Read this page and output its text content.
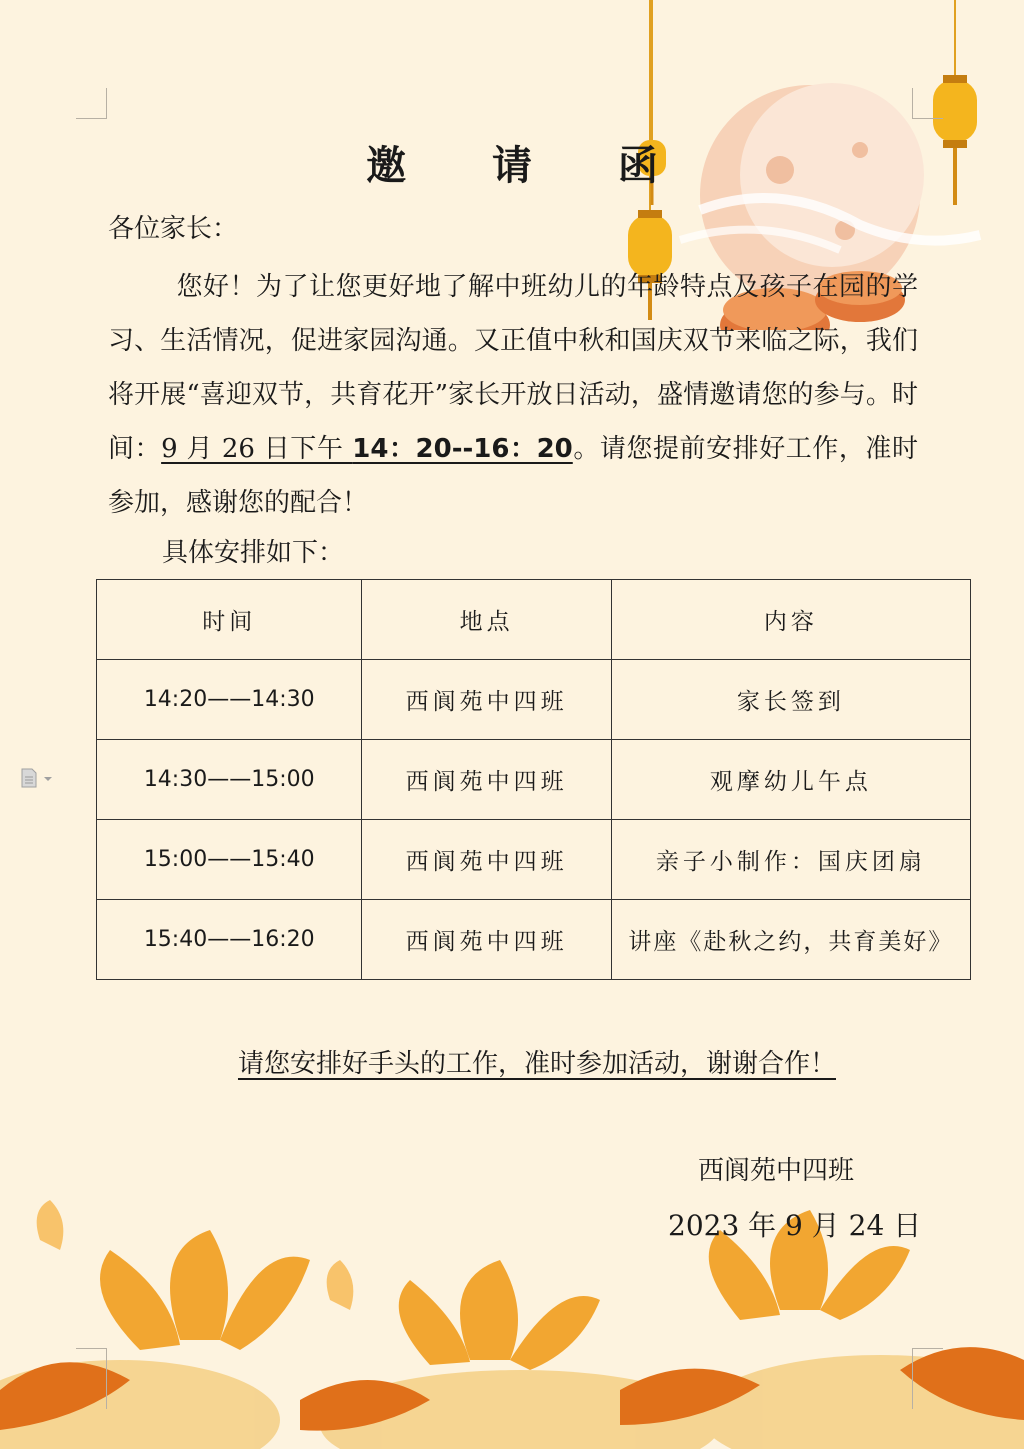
邀 请 函
各位家长：
您好！为了让您更好地了解中班幼儿的年龄特点及孩子在园的学习、生活情况，促进家园沟通。又正值中秋和国庆双节来临之际，我们将开展“喜迎双节，共育花开”家长开放日活动，盛情邀请您的参与。时间：9 月 26 日下午 14：20--16：20。请您提前安排好工作，准时参加，感谢您的配合！
具体安排如下：
时间	地点	内容
14:20——14:30	西阆苑中四班	家长签到
14:30——15:00	西阆苑中四班	观摩幼儿午点
15:00——15:40	西阆苑中四班	亲子小制作：国庆团扇
15:40——16:20	西阆苑中四班	讲座《赴秋之约，共育美好》
请您安排好手头的工作，准时参加活动，谢谢合作！
西阆苑中四班
2023 年 9 月 24 日
